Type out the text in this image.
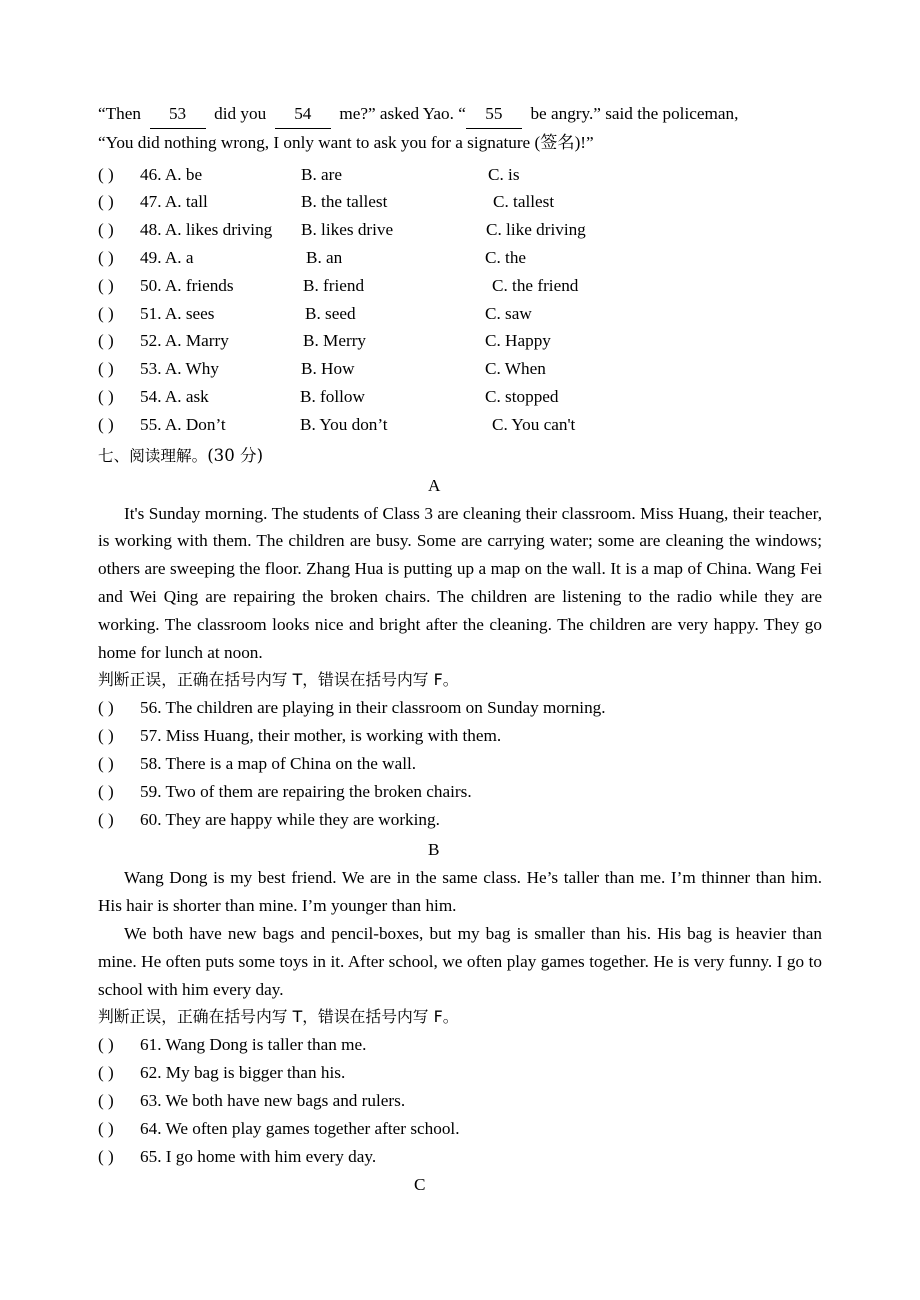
“Then 53 did you 54 me?” asked Yao. “ 55 be angry.” said the policeman,
“You did nothing wrong, I only want to ask you for a signature (签名)!”
( ) 46. A. be	B. are	C. is
( ) 47. A. tall	B. the tallest	C. tallest
( ) 48. A. likes driving B. likes drive	C. like driving
( ) 49. A. a	B. an	C. the
( ) 50. A. friends	B. friend	C. the friend
( ) 51. A. sees	B. seed	C. saw
( ) 52. A. Marry	B. Merry	C. Happy
( ) 53. A. Why	B. How	C. When
( ) 54. A. ask	B. follow	C. stopped
( ) 55. A. Don’t	B. You don’t	C. You can't
七、阅读理解。(30 分)
A
It's Sunday morning. The students of Class 3 are cleaning their classroom. Miss Huang, their teacher, is working with them. The children are busy. Some are carrying water; some are cleaning the windows; others are sweeping the floor. Zhang Hua is putting up a map on the wall. It is a map of China. Wang Fei and Wei Qing are repairing the broken chairs. The children are listening to the radio while they are working. The classroom looks nice and bright after the cleaning. The children are very happy. They go home for lunch at noon.
判断正误，正确在括号内写 T，错误在括号内写 F。
( ) 56. The children are playing in their classroom on Sunday morning.
( ) 57. Miss Huang, their mother, is working with them.
( ) 58. There is a map of China on the wall.
( ) 59. Two of them are repairing the broken chairs.
( ) 60. They are happy while they are working.
B
Wang Dong is my best friend. We are in the same class. He’s taller than me. I’m thinner than him. His hair is shorter than mine. I’m younger than him.
We both have new bags and pencil-boxes, but my bag is smaller than his. His bag is heavier than mine. He often puts some toys in it. After school, we often play games together. He is very funny. I go to school with him every day.
判断正误，正确在括号内写 T，错误在括号内写 F。
( ) 61. Wang Dong is taller than me.
( ) 62. My bag is bigger than his.
( ) 63. We both have new bags and rulers.
( ) 64. We often play games together after school.
( ) 65. I go home with him every day.
C
